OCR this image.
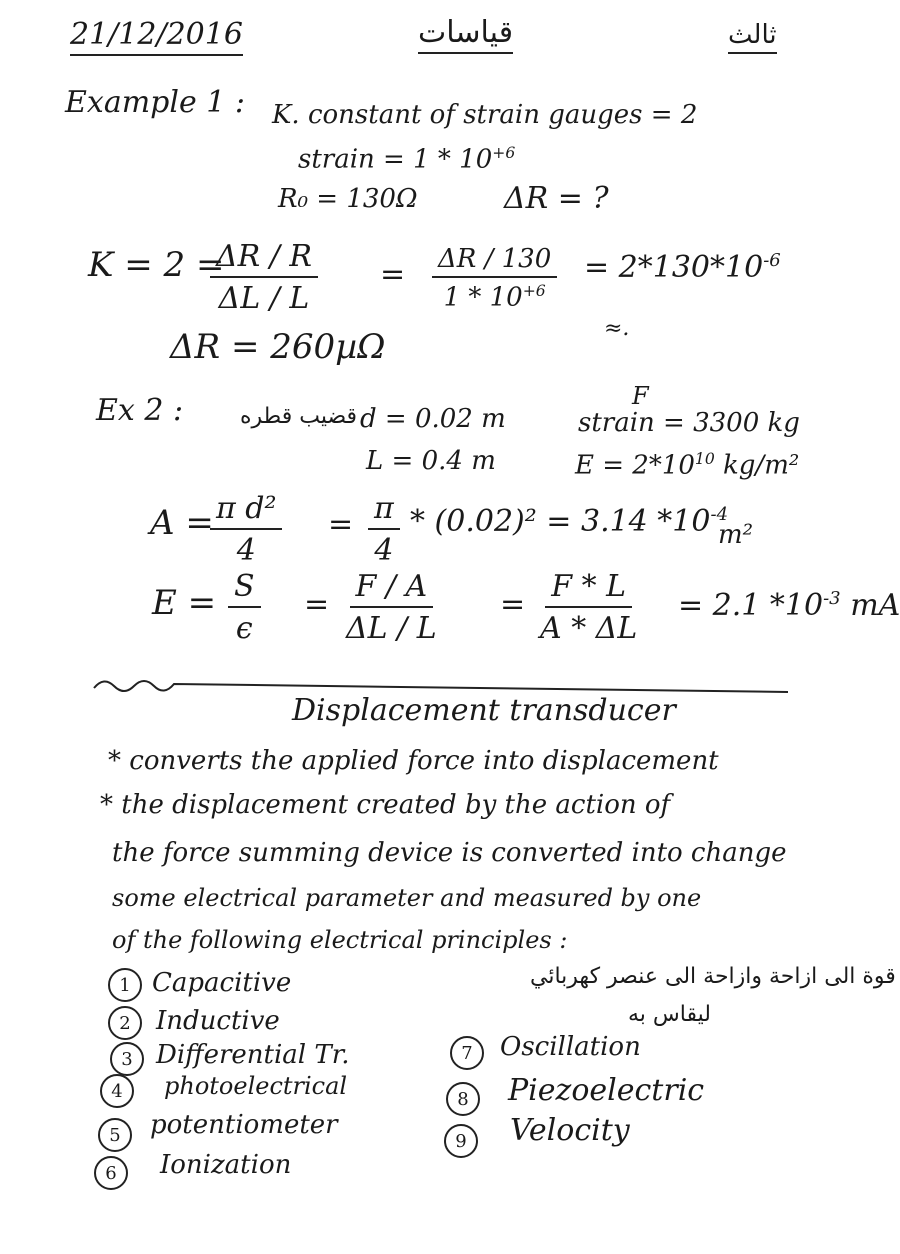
21/12/2016	قياسات	ثالث
Example 1 : K. constant of strain gauges = 2
strain = $1 * 10^{+6}$
R₀ = 130Ω	ΔR = ?
K = 2 =
$\frac{\Delta R / R}{\Delta L / L} = \frac{\Delta R / 130}{1 * 10^{+6}} = 2*130*10^{-6}$
≈.
ΔR = 260µΩ
Ex 2 :	قضيب قطره d = 0.02 m
L = 0.4 m
F
strain = 3300 kg
$E = 2*10^{10}$ kg/m²
A =
$\frac{\text{π d²}}{4} = \frac{\pi}{4} * (0.02)^2 = 3.14$ $*10^{-4}$
m²
$E = \frac{S}{\epsilon} = \frac{F / A}{\Delta L / L} = \frac{F * L}{A * \Delta L} = 2.1$ $*10^{-3}$ mA
Displacement transducer
* converts the applied force into displacement
* the displacement created by the action of
the force summing device is converted into change
some electrical parameter and measured by one
of the following electrical principles :
قوة الى ازاحة وازاحة الى عنصر كهربائي
ليقاس به
1 Capacitive
2 Inductive
3 Differential Tr.
4	photoelectrical
5	potentiometer
6	Ionization
7	Oscillation
8	Piezoelectric
9	Velocity
